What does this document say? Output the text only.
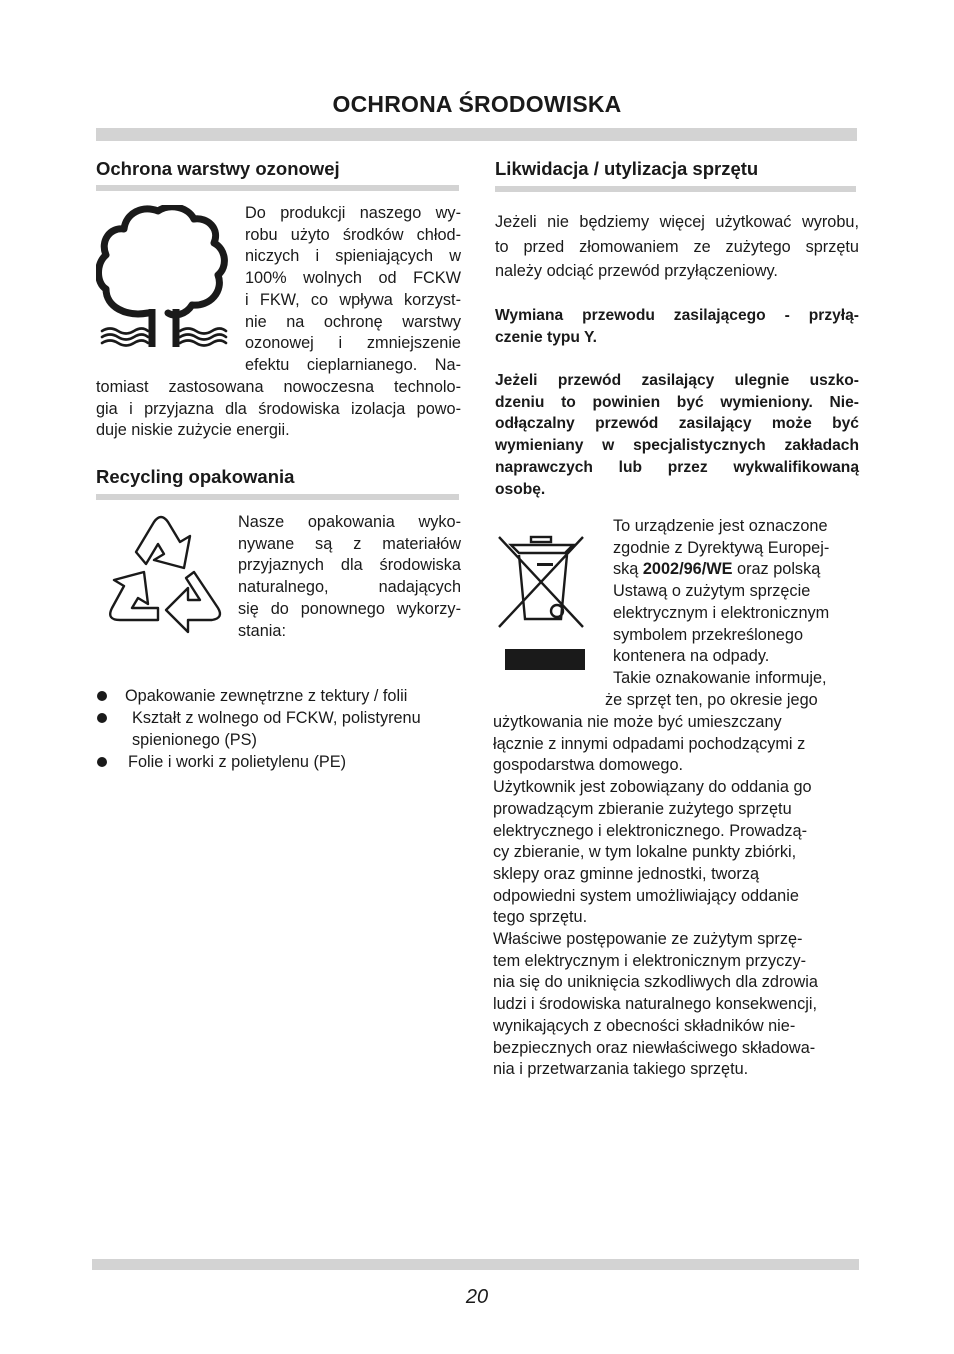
OCHRONA ŚRODOWISKA
Ochrona warstwy ozonowej
Do produkcji naszego wy-
robu użyto środków chłod-
niczych i spieniających w
100% wolnych od FCKW
i FKW, co wpływa korzyst-
nie na ochronę warstwy
ozonowej i zmniejszenie
efektu cieplarnianego. Na-
tomiast zastosowana nowoczesna technolo-
gia i przyjazna dla środowiska izolacja powo-
duje niskie zużycie energii.
Recycling opakowania
Nasze opakowania wyko-
nywane są z materiałów
przyjaznych dla środowiska
naturalnego, nadających
się do ponownego wykorzy-
stania:
Opakowanie zewnętrzne z tektury / folii
Kształt z wolnego od FCKW, polistyrenu
spienionego (PS)
Folie i worki z polietylenu (PE)
Likwidacja / utylizacja sprzętu
Jeżeli nie będziemy więcej użytkować wyrobu,
to przed złomowaniem ze zużytego sprzętu
należy odciąć przewód przyłączeniowy.
Wymiana przewodu zasilającego - przyłą-
czenie typu Y.
Jeżeli przewód zasilający ulegnie uszko-
dzeniu to powinien być wymieniony. Nie-
odłączalny przewód zasilający może być
wymieniany w specjalistycznych zakładach
naprawczych lub przez wykwalifikowaną
osobę.
To urządzenie jest oznaczone
zgodnie z Dyrektywą Europej-
ską 2002/96/WE oraz polską
Ustawą o zużytym sprzęcie
elektrycznym i elektronicznym
symbolem przekreślonego
kontenera na odpady.
Takie oznakowanie informuje,
że sprzęt ten, po okresie jego
użytkowania nie może być umieszczany
łącznie z innymi odpadami pochodzącymi z
gospodarstwa domowego.
Użytkownik jest zobowiązany do oddania go
prowadzącym zbieranie zużytego sprzętu
elektrycznego i elektronicznego. Prowadzą-
cy zbieranie, w tym lokalne punkty zbiórki,
sklepy oraz gminne jednostki, tworzą
odpowiedni system umożliwiający oddanie
tego sprzętu.
Właściwe postępowanie ze zużytym sprzę-
tem elektrycznym i elektronicznym przyczy-
nia się do uniknięcia szkodliwych dla zdrowia
ludzi i środowiska naturalnego konsekwencji,
wynikających z obecności składników nie-
bezpiecznych oraz niewłaściwego składowa-
nia i przetwarzania takiego sprzętu.
20
